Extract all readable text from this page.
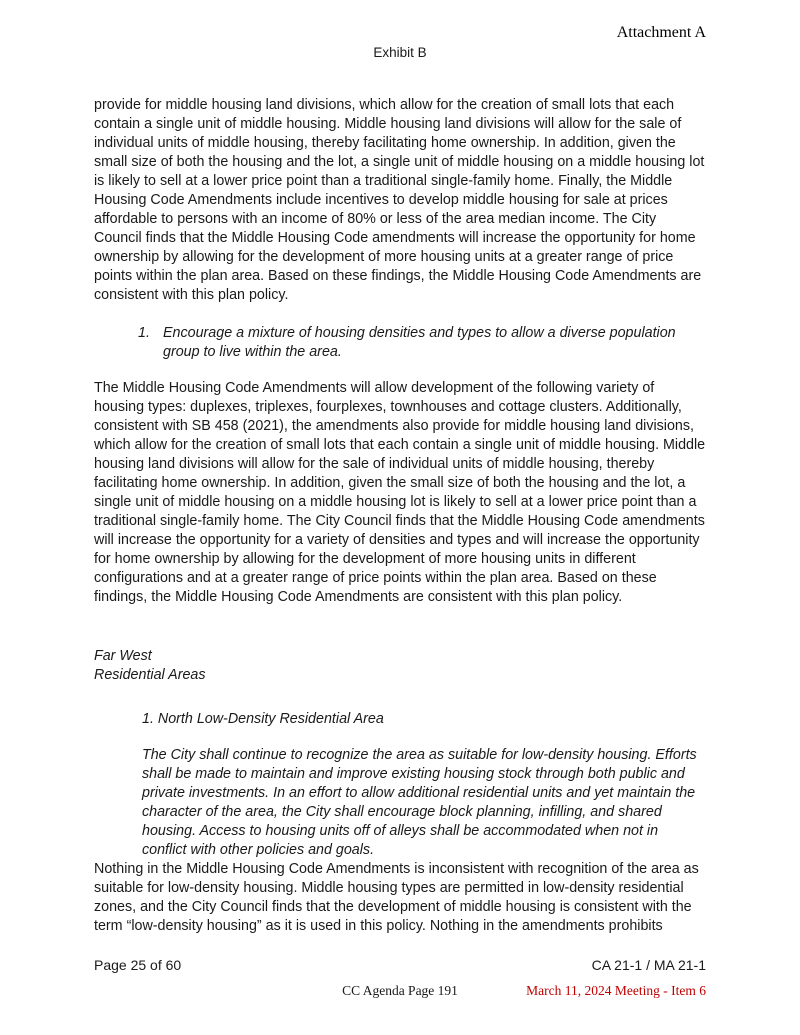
Attachment A
Exhibit B

provide for middle housing land divisions, which allow for the creation of small lots that each contain a single unit of middle housing. Middle housing land divisions will allow for the sale of individual units of middle housing, thereby facilitating home ownership. In addition, given the small size of both the housing and the lot, a single unit of middle housing on a middle housing lot is likely to sell at a lower price point than a traditional single-family home. Finally, the Middle Housing Code Amendments include incentives to develop middle housing for sale at prices affordable to persons with an income of 80% or less of the area median income. The City Council finds that the Middle Housing Code amendments will increase the opportunity for home ownership by allowing for the development of more housing units at a greater range of price points within the plan area. Based on these findings, the Middle Housing Code Amendments are consistent with this plan policy.

1. Encourage a mixture of housing densities and types to allow a diverse population group to live within the area.

The Middle Housing Code Amendments will allow development of the following variety of housing types: duplexes, triplexes, fourplexes, townhouses and cottage clusters. Additionally, consistent with SB 458 (2021), the amendments also provide for middle housing land divisions, which allow for the creation of small lots that each contain a single unit of middle housing. Middle housing land divisions will allow for the sale of individual units of middle housing, thereby facilitating home ownership. In addition, given the small size of both the housing and the lot, a single unit of middle housing on a middle housing lot is likely to sell at a lower price point than a traditional single-family home. The City Council finds that the Middle Housing Code amendments will increase the opportunity for a variety of densities and types and will increase the opportunity for home ownership by allowing for the development of more housing units in different configurations and at a greater range of price points within the plan area. Based on these findings, the Middle Housing Code Amendments are consistent with this plan policy.

Far West
Residential Areas
1. North Low-Density Residential Area
The City shall continue to recognize the area as suitable for low-density housing. Efforts shall be made to maintain and improve existing housing stock through both public and private investments. In an effort to allow additional residential units and yet maintain the character of the area, the City shall encourage block planning, infilling, and shared housing. Access to housing units off of alleys shall be accommodated when not in conflict with other policies and goals.

Nothing in the Middle Housing Code Amendments is inconsistent with recognition of the area as suitable for low-density housing. Middle housing types are permitted in low-density residential zones, and the City Council finds that the development of middle housing is consistent with the term “low-density housing” as it is used in this policy. Nothing in the amendments prohibits

Page 25 of 60	CA 21-1 / MA 21-1
CC Agenda Page 191	March 11, 2024 Meeting - Item 6
